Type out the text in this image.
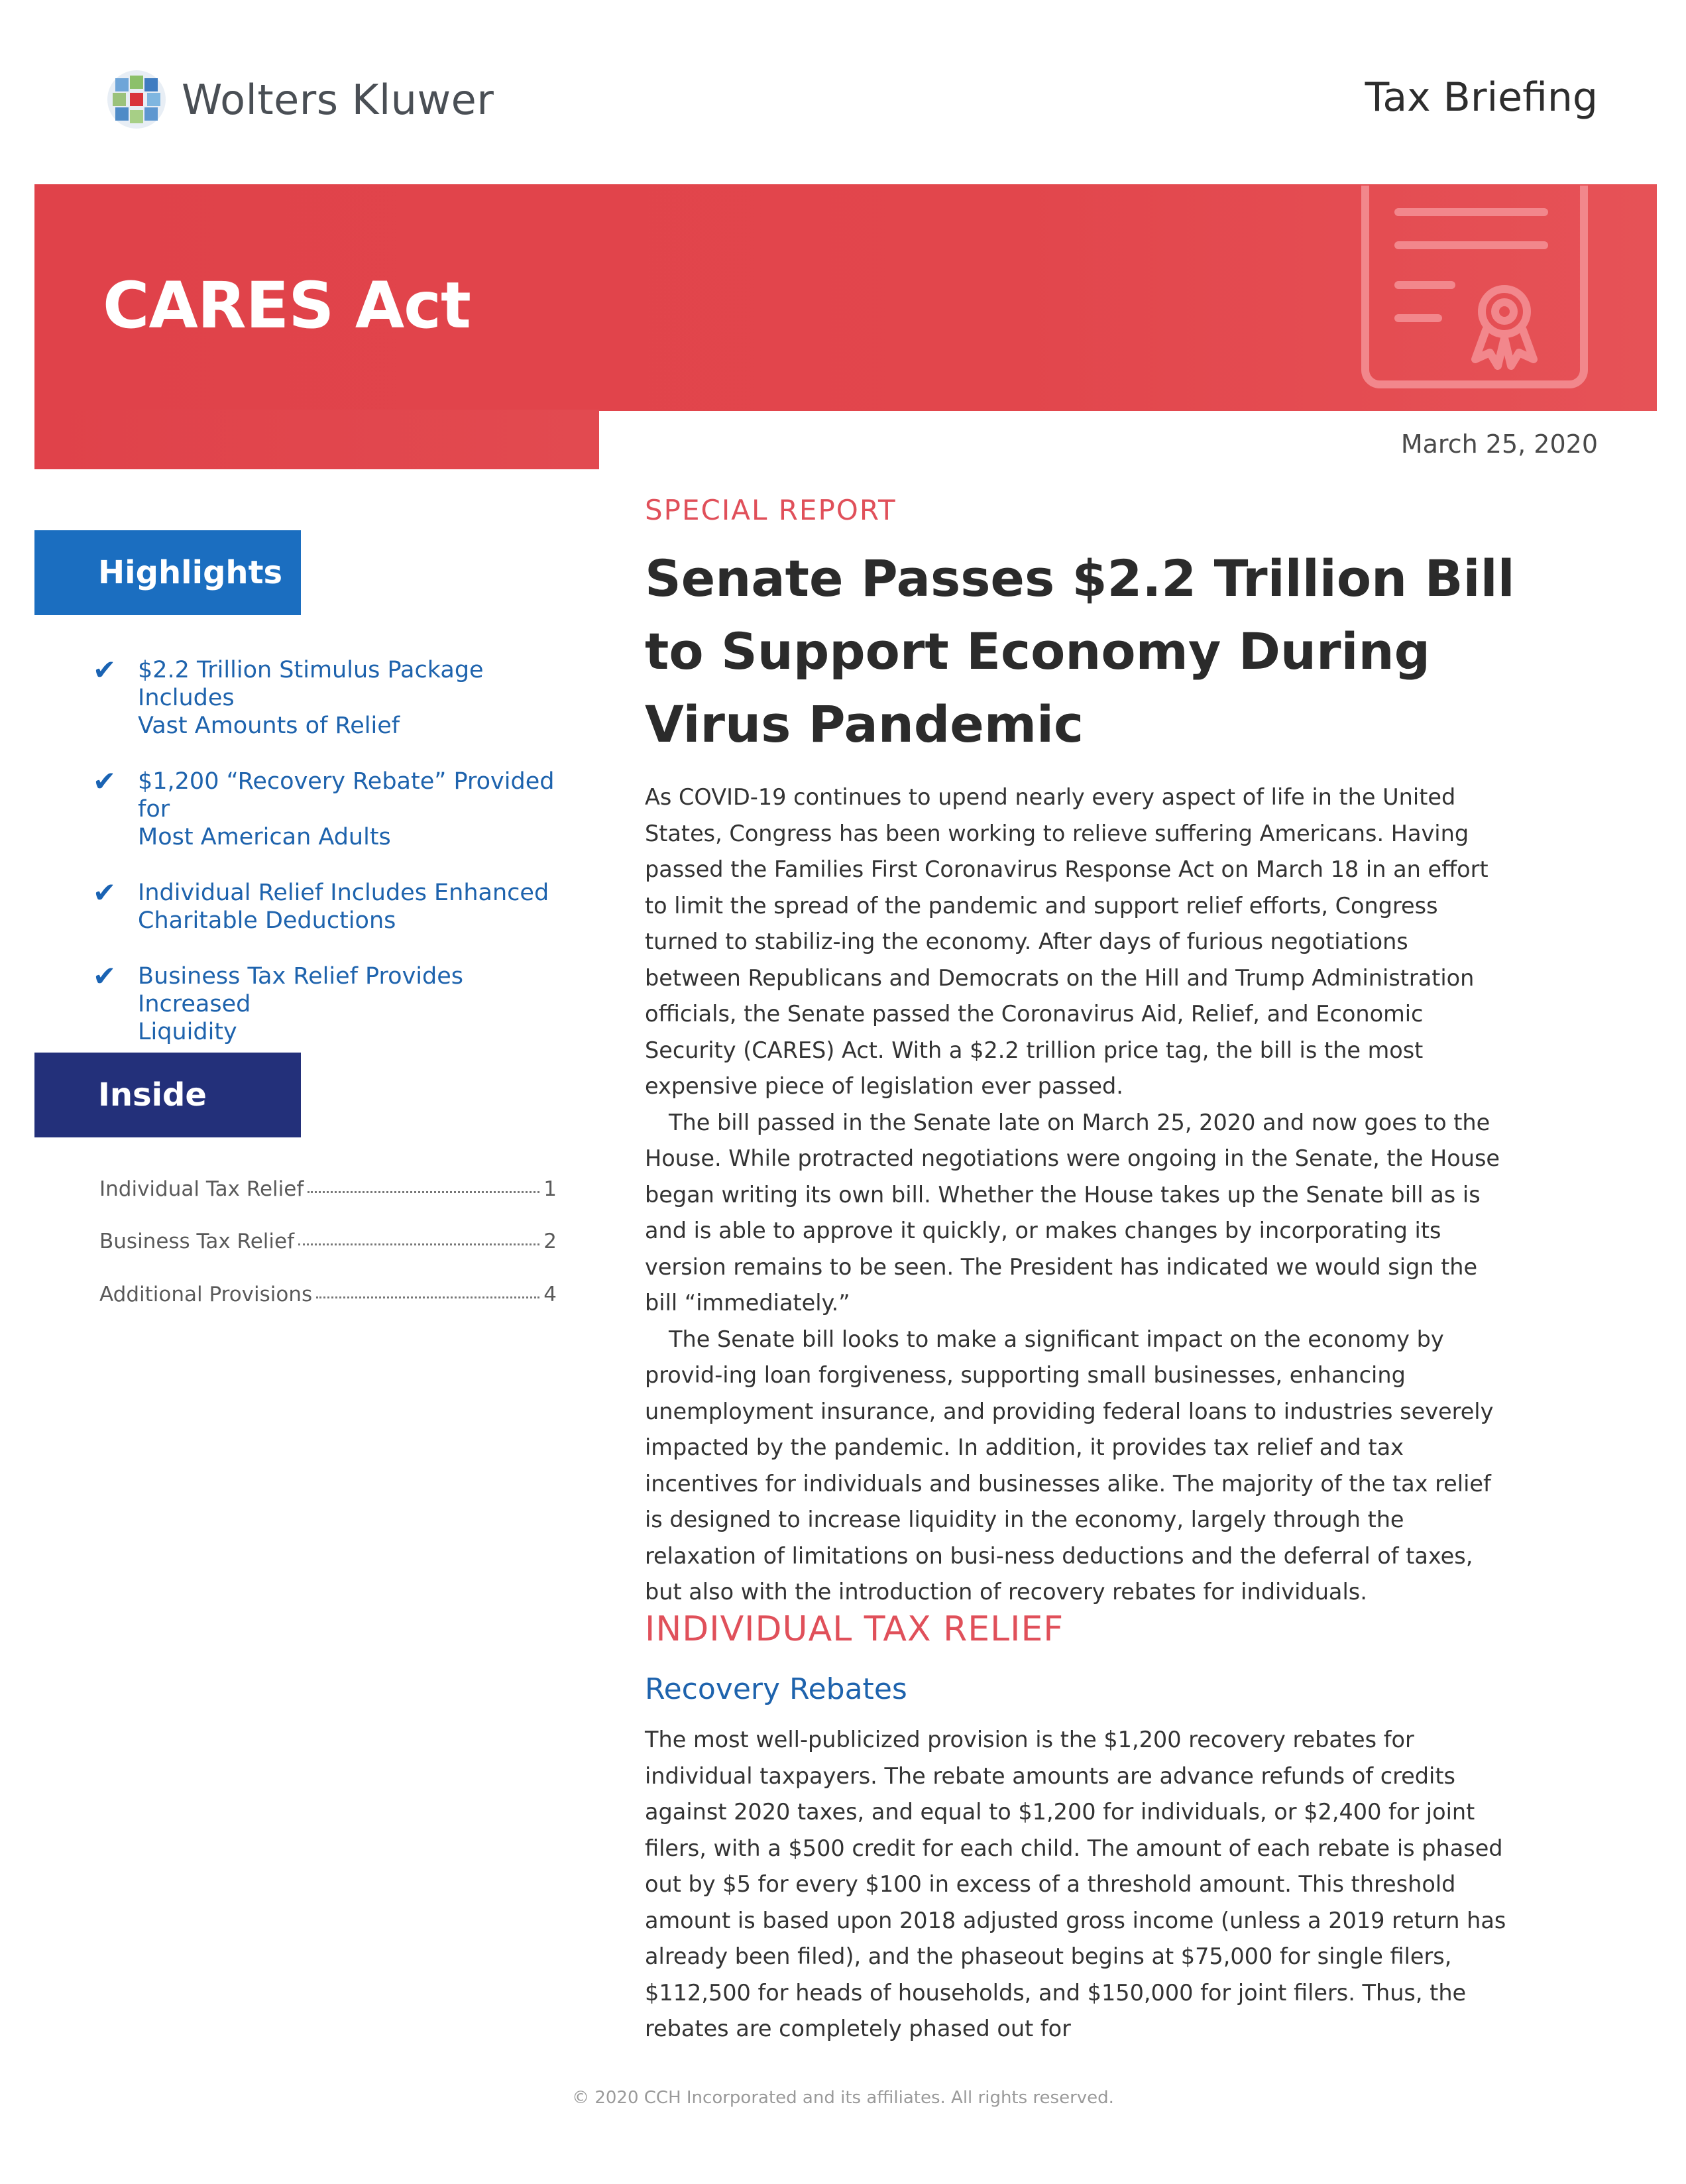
Wolters Kluwer	Tax Briefing
CARES Act
March 25, 2020
Highlights
✔ $2.2 Trillion Stimulus Package Includes
Vast Amounts of Relief
✔ $1,200 “Recovery Rebate” Provided for
Most American Adults
✔ Individual Relief Includes Enhanced
Charitable Deductions
✔ Business Tax Relief Provides Increased
Liquidity
Inside
Individual Tax Relief	1
Business Tax Relief	2
Additional Provisions	4
SPECIAL REPORT
Senate Passes $2.2 Trillion Bill
to Support Economy During
Virus Pandemic

As COVID-19 continues to upend nearly every aspect of life in the United States, Congress has been working to relieve suffering Americans. Having passed the Families First Coronavirus Response Act on March 18 in an effort to limit the spread of the pandemic and support relief efforts, Congress turned to stabiliz-ing the economy. After days of furious negotiations between Republicans and Democrats on the Hill and Trump Administration officials, the Senate passed the Coronavirus Aid, Relief, and Economic Security (CARES) Act. With a $2.2 trillion price tag, the bill is the most expensive piece of legislation ever passed.

The bill passed in the Senate late on March 25, 2020 and now goes to the House. While protracted negotiations were ongoing in the Senate, the House began writing its own bill. Whether the House takes up the Senate bill as is and is able to approve it quickly, or makes changes by incorporating its version remains to be seen. The President has indicated we would sign the bill “immediately.”

The Senate bill looks to make a significant impact on the economy by provid-ing loan forgiveness, supporting small businesses, enhancing unemployment insurance, and providing federal loans to industries severely impacted by the pandemic. In addition, it provides tax relief and tax incentives for individuals and businesses alike. The majority of the tax relief is designed to increase liquidity in the economy, largely through the relaxation of limitations on busi-ness deductions and the deferral of taxes, but also with the introduction of recovery rebates for individuals.

INDIVIDUAL TAX RELIEF
Recovery Rebates

The most well-publicized provision is the $1,200 recovery rebates for individual taxpayers. The rebate amounts are advance refunds of credits against 2020 taxes, and equal to $1,200 for individuals, or $2,400 for joint filers, with a $500 credit for each child. The amount of each rebate is phased out by $5 for every $100 in excess of a threshold amount. This threshold amount is based upon 2018 adjusted gross income (unless a 2019 return has already been filed), and the phaseout begins at $75,000 for single filers, $112,500 for heads of households, and $150,000 for joint filers. Thus, the rebates are completely phased out for

© 2020 CCH Incorporated and its affiliates. All rights reserved.
